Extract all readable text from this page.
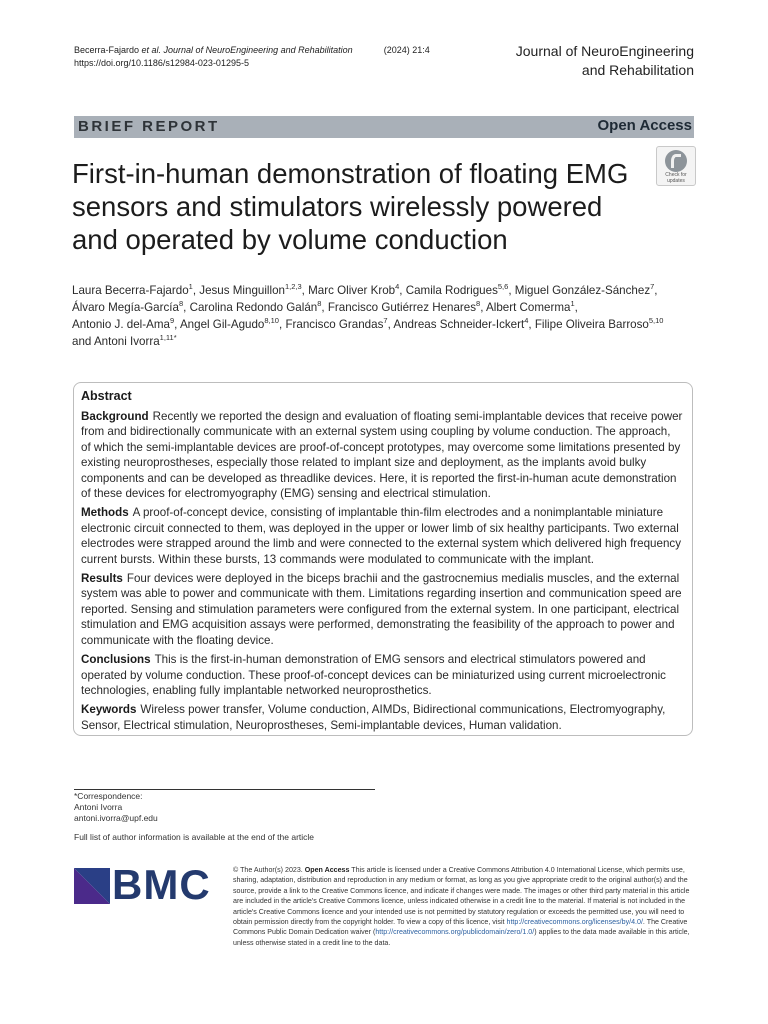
Becerra-Fajardo et al. Journal of NeuroEngineering and Rehabilitation	(2024) 21:4
https://doi.org/10.1186/s12984-023-01295-5
Journal of NeuroEngineering
and Rehabilitation
BRIEF REPORT	Open Access
Check for
updates
First-in-human demonstration of floating EMG sensors and stimulators wirelessly powered and operated by volume conduction
Laura Becerra-Fajardo$^1$, Jesus Minguillon$^{1,2,3}$, Marc Oliver Krob$^4$, Camila Rodrigues$^{5,6}$, Miguel González-Sánchez$^7$,
Álvaro Megía-García$^8$, Carolina Redondo Galán$^8$, Francisco Gutiérrez Henares$^8$, Albert Comerma$^1$,
Antonio J. del-Ama$^9$, Angel Gil-Agudo$^{8,10}$, Francisco Grandas$^7$, Andreas Schneider-Ickert$^4$, Filipe Oliveira Barroso$^{5,10}$
and Antoni Ivorra$^{1,11*}$
Abstract
Background Recently we reported the design and evaluation of floating semi-implantable devices that receive power from and bidirectionally communicate with an external system using coupling by volume conduction. The approach, of which the semi-implantable devices are proof-of-concept prototypes, may overcome some limitations presented by existing neuroprostheses, especially those related to implant size and deployment, as the implants avoid bulky components and can be developed as threadlike devices. Here, it is reported the first-in-human acute demonstration of these devices for electromyography (EMG) sensing and electrical stimulation.
Methods A proof-of-concept device, consisting of implantable thin-film electrodes and a nonimplantable miniature electronic circuit connected to them, was deployed in the upper or lower limb of six healthy participants. Two external electrodes were strapped around the limb and were connected to the external system which delivered high frequency current bursts. Within these bursts, 13 commands were modulated to communicate with the implant.
Results Four devices were deployed in the biceps brachii and the gastrocnemius medialis muscles, and the external system was able to power and communicate with them. Limitations regarding insertion and communication speed are reported. Sensing and stimulation parameters were configured from the external system. In one participant, electrical stimulation and EMG acquisition assays were performed, demonstrating the feasibility of the approach to power and communicate with the floating device.
Conclusions This is the first-in-human demonstration of EMG sensors and electrical stimulators powered and operated by volume conduction. These proof-of-concept devices can be miniaturized using current microelectronic technologies, enabling fully implantable networked neuroprosthetics.
Keywords Wireless power transfer, Volume conduction, AIMDs, Bidirectional communications, Electromyography, Sensor, Electrical stimulation, Neuroprostheses, Semi-implantable devices, Human validation.
*Correspondence:
Antoni Ivorra
antoni.ivorra@upf.edu
Full list of author information is available at the end of the article
BMC	© The Author(s) 2023. Open Access This article is licensed under a Creative Commons Attribution 4.0 International License, which permits use, sharing, adaptation, distribution and reproduction in any medium or format, as long as you give appropriate credit to the original author(s) and the source, provide a link to the Creative Commons licence, and indicate if changes were made. The images or other third party material in this article are included in the article's Creative Commons licence, unless indicated otherwise in a credit line to the material. If material is not included in the article's Creative Commons licence and your intended use is not permitted by statutory regulation or exceeds the permitted use, you will need to obtain permission directly from the copyright holder. To view a copy of this licence, visit http://creativecommons.org/licenses/by/4.0/. The Creative Commons Public Domain Dedication waiver (http://creativecommons.org/publicdomain/zero/1.0/) applies to the data made available in this article, unless otherwise stated in a credit line to the data.
